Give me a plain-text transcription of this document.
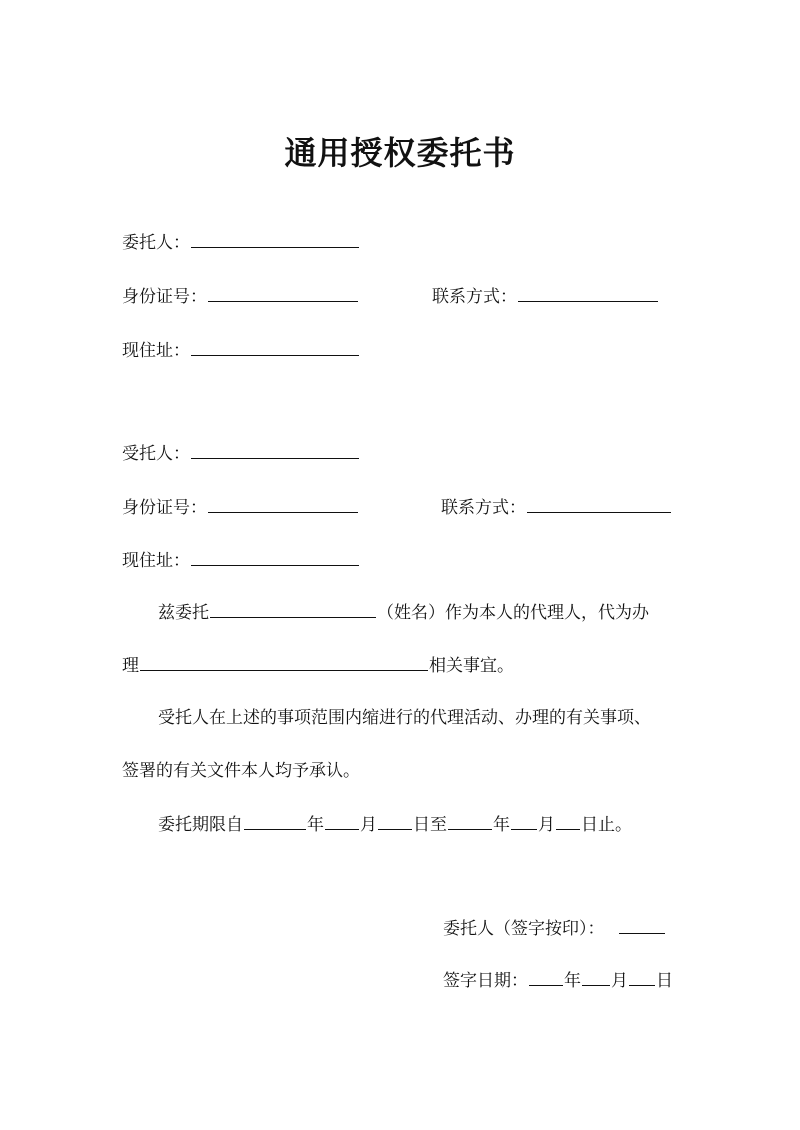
通用授权委托书
委托人：
身份证号：	联系方式：
现住址：
受托人：
身份证号：	联系方式：
现住址：
兹委托	（姓名）作为本人的代理人，代为办
理	相关事宜。
受托人在上述的事项范围内缩进行的代理活动、办理的有关事项、
签署的有关文件本人均予承认。
委托期限自	年 月 日至	年 月 日止。
委托人（签字按印）：
签字日期： 年 月 日
